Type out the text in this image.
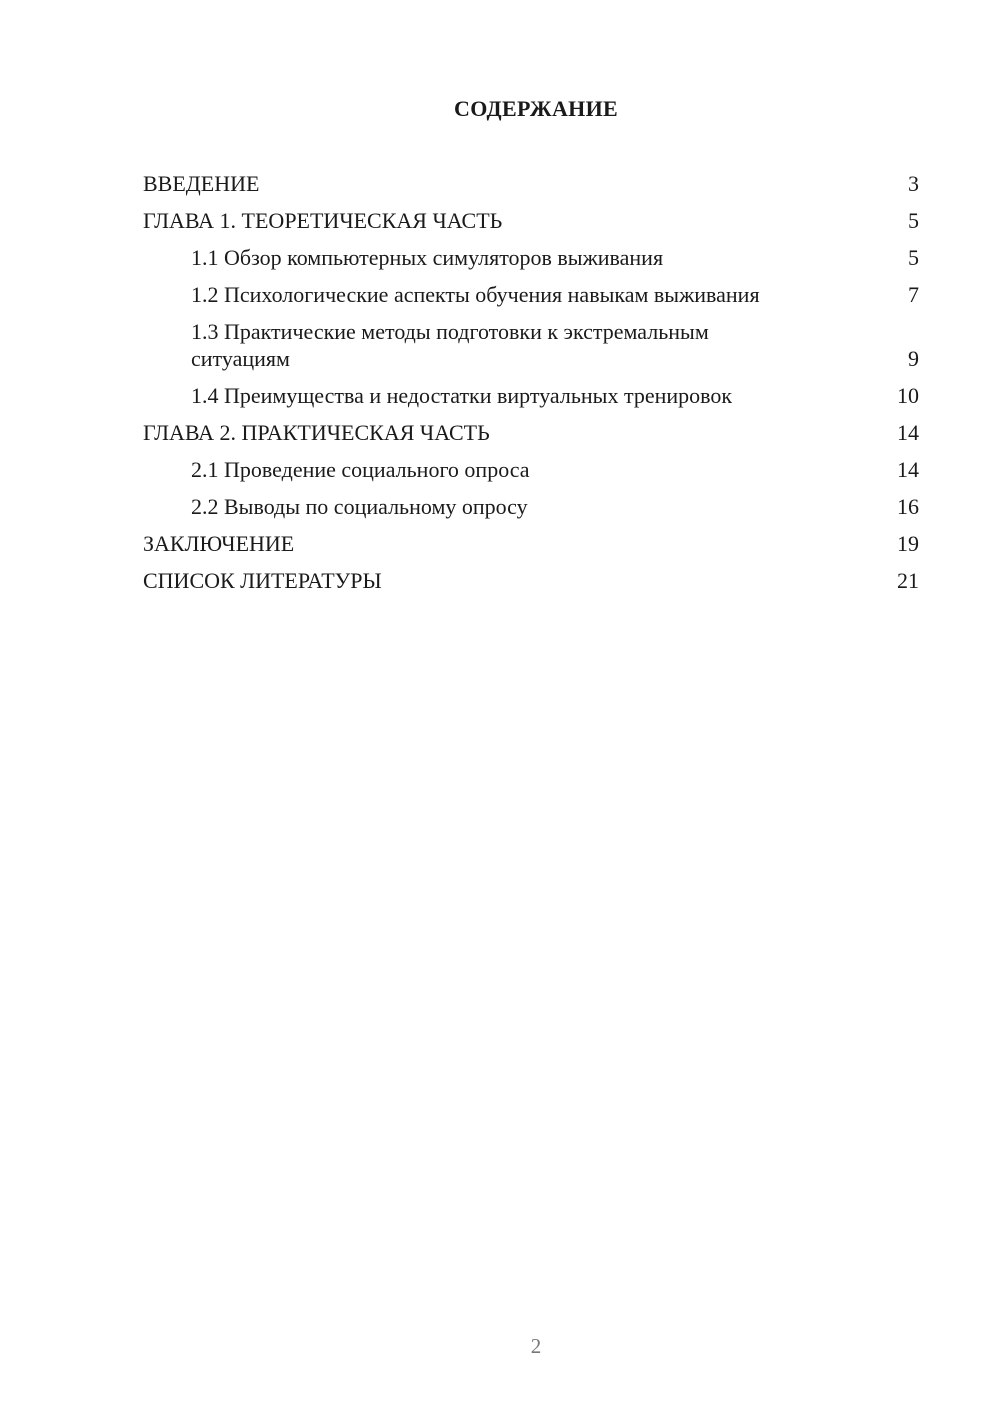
СОДЕРЖАНИЕ
ВВЕДЕНИЕ	3
ГЛАВА 1. ТЕОРЕТИЧЕСКАЯ ЧАСТЬ	5
1.1 Обзор компьютерных симуляторов выживания	5
1.2 Психологические аспекты обучения навыкам выживания	7
1.3 Практические методы подготовки к экстремальным ситуациям	9
1.4 Преимущества и недостатки виртуальных тренировок	10
ГЛАВА 2. ПРАКТИЧЕСКАЯ ЧАСТЬ	14
2.1 Проведение социального опроса	14
2.2 Выводы по социальному опросу	16
ЗАКЛЮЧЕНИЕ	19
СПИСОК ЛИТЕРАТУРЫ	21
2
